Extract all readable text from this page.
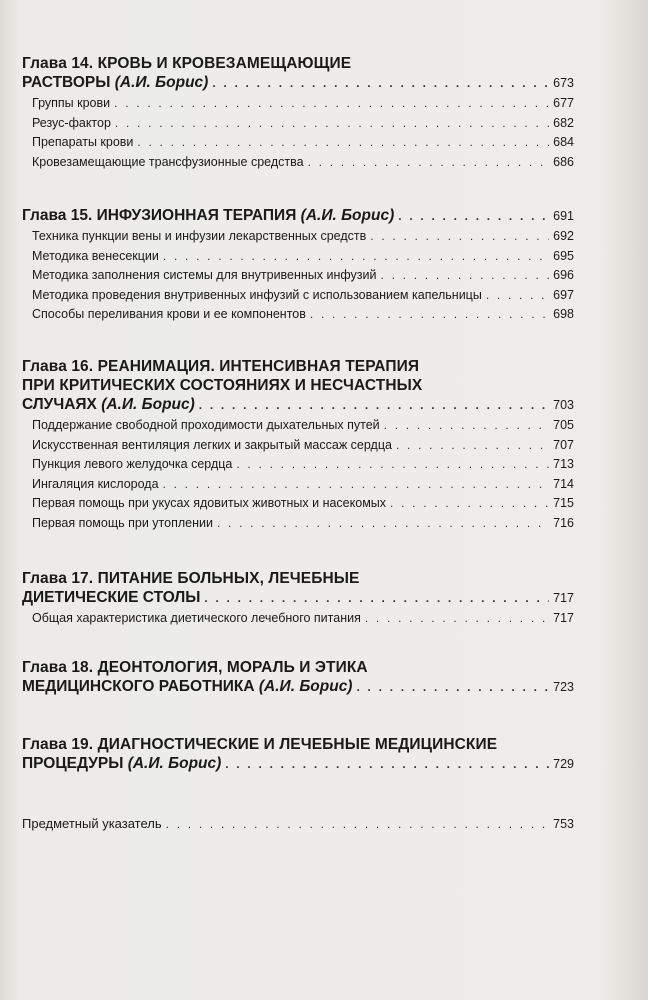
Глава 14. КРОВЬ И КРОВЕЗАМЕЩАЮЩИЕ
РАСТВОРЫ (А.И. Борис) . . .	673
Группы крови . . .	677
Резус-фактор . . .	682
Препараты крови . . .	684
Кровезамещающие трансфузионные средства . . .	686
Глава 15. ИНФУЗИОННАЯ ТЕРАПИЯ (А.И. Борис) . . .	691
Техника пункции вены и инфузии лекарственных средств . . .	692
Методика венесекции . . .	695
Методика заполнения системы для внутривенных инфузий . . .	696
Методика проведения внутривенных инфузий с использованием капельницы . . .	697
Способы переливания крови и ее компонентов . . .	698
Глава 16. РЕАНИМАЦИЯ. ИНТЕНСИВНАЯ ТЕРАПИЯ
ПРИ КРИТИЧЕСКИХ СОСТОЯНИЯХ И НЕСЧАСТНЫХ
СЛУЧАЯХ (А.И. Борис) . . .	703
Поддержание свободной проходимости дыхательных путей . . .	705
Искусственная вентиляция легких и закрытый массаж сердца . . .	707
Пункция левого желудочка сердца . . .	713
Ингаляция кислорода . . .	714
Первая помощь при укусах ядовитых животных и насекомых . . .	715
Первая помощь при утоплении . . .	716
Глава 17. ПИТАНИЕ БОЛЬНЫХ, ЛЕЧЕБНЫЕ
ДИЕТИЧЕСКИЕ СТОЛЫ . . .	717
Общая характеристика диетического лечебного питания . . .	717
Глава 18. ДЕОНТОЛОГИЯ, МОРАЛЬ И ЭТИКА
МЕДИЦИНСКОГО РАБОТНИКА (А.И. Борис) . . .	723
Глава 19. ДИАГНОСТИЧЕСКИЕ И ЛЕЧЕБНЫЕ МЕДИЦИНСКИЕ
ПРОЦЕДУРЫ (А.И. Борис) . . .	729
Предметный указатель . . .	753
